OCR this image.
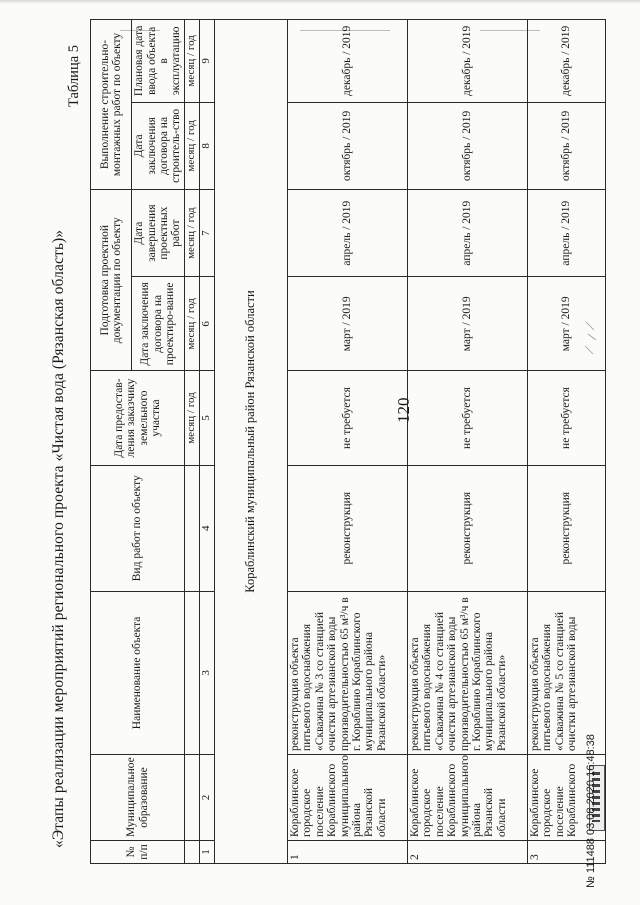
120
«Этапы реализации мероприятий регионального проекта «Чистая вода (Рязанская область)»
Таблица 5
№ п/п	Муниципальное образование	Наименование объекта	Вид работ по объекту	Дата предостав-ления заказчику земельного участка	Подготовка проектной документации по объекту		Выполнение строительно-монтажных работ по объекту	
					Дата заключения договора на проектиро-вание	Дата завершения проектных работ	Дата заключения договора на строитель-ство	Плановая дата ввода объекта в эксплуатацию
				месяц / год	месяц / год	месяц / год	месяц / год	месяц / год
1	2	3	4	5	6	7	8	9
Кораблинский муниципальный район Рязанской области								
1	Кораблинское городское поселение Кораблинского муниципального района Рязанской области	реконструкция объекта питьевого водоснабжения «Скважина № 3 со станцией очистки артезианской воды производительностью 65 м³/ч в г. Кораблино Кораблинского муниципального района Рязанской области»	реконструкция	не требуется	март / 2019	апрель / 2019	октябрь / 2019	декабрь / 2019
2	Кораблинское городское поселение Кораблинского муниципального района Рязанской области	реконструкция объекта питьевого водоснабжения «Скважина № 4 со станцией очистки артезианской воды производительностью 65 м³/ч в г. Кораблино Кораблинского муниципального района Рязанской области»	реконструкция	не требуется	март / 2019	апрель / 2019	октябрь / 2019	декабрь / 2019
3	Кораблинское городское поселение Кораблинского	реконструкция объекта питьевого водоснабжения «Скважина № 5 со станцией очистки артезианской воды	реконструкция	не требуется	март / 2019	апрель / 2019	октябрь / 2019	декабрь / 2019
№ 111488 03.08.2020 16:48:38
